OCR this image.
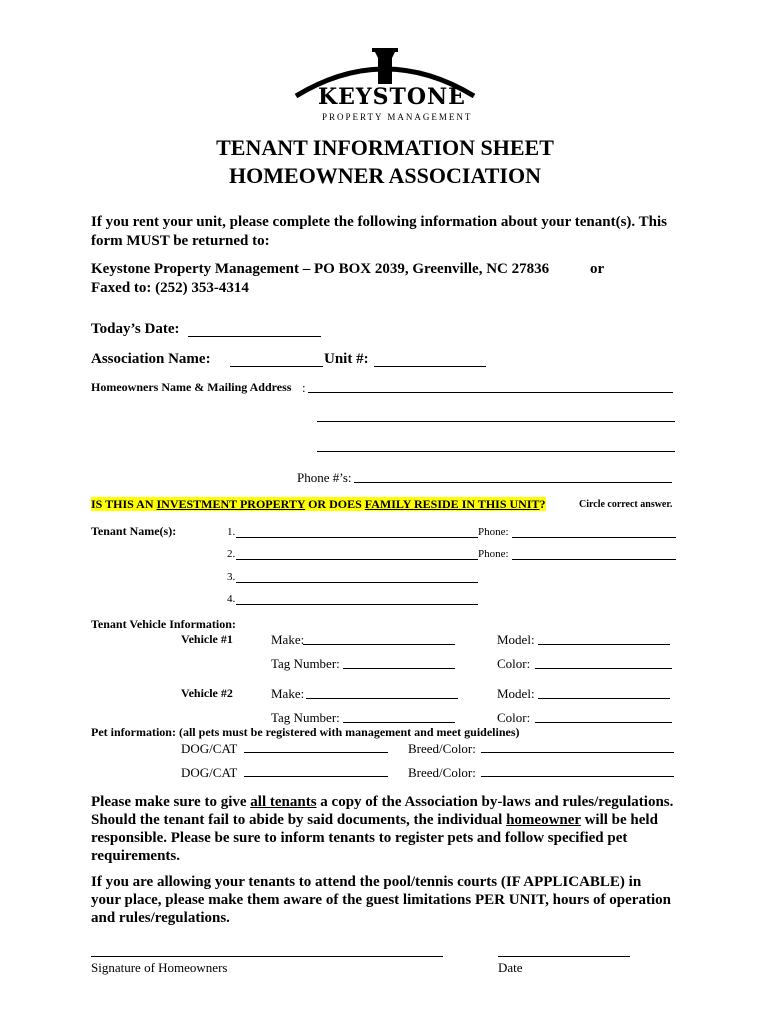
KEYSTONE
PROPERTY MANAGEMENT
TENANT INFORMATION SHEET
HOMEOWNER ASSOCIATION
If you rent your unit, please complete the following information about your tenant(s). This
form MUST be returned to:
Keystone Property Management – PO BOX 2039, Greenville, NC 27836	or
Faxed to: (252) 353-4314
Today’s Date:
Association Name:	Unit #:
Homeowners Name & Mailing Address :
Phone #’s:
IS THIS AN INVESTMENT PROPERTY OR DOES FAMILY RESIDE IN THIS UNIT?	Circle correct answer.
Tenant Name(s):	1.	Phone:
2.	Phone:
3.
4.
Tenant Vehicle Information:
Vehicle #1	Make:	Model:
Tag Number:	Color:
Vehicle #2	Make:	Model:
Tag Number:	Color:
Pet information: (all pets must be registered with management and meet guidelines)
DOG/CAT	Breed/Color:
DOG/CAT	Breed/Color:
Please make sure to give all tenants a copy of the Association by-laws and rules/regulations.
Should the tenant fail to abide by said documents, the individual homeowner will be held
responsible. Please be sure to inform tenants to register pets and follow specified pet
requirements.
If you are allowing your tenants to attend the pool/tennis courts (IF APPLICABLE) in
your place, please make them aware of the guest limitations PER UNIT, hours of operation
and rules/regulations.
Signature of Homeowners	Date
